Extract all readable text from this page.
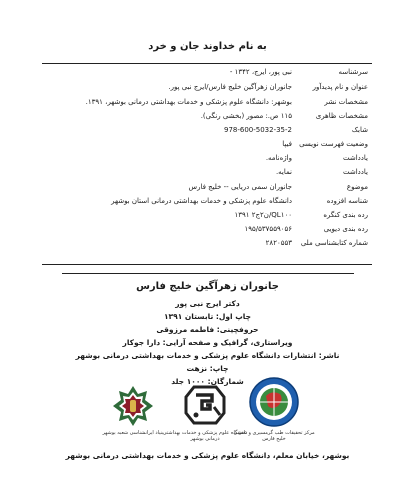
به نام خداوند جان و خرد
سرشناسه
نبی پور، ایرج، ۱۳۴۲ -
عنوان و نام پدیدآور
جانوران زهرآگین خلیج فارس/ایرج نبی پور.
مشخصات نشر
بوشهر: دانشگاه علوم پزشکی و خدمات بهداشتی درمانی بوشهر، ۱۳۹۱.
مشخصات ظاهری
۱۱۵ ص.: مصور (بخشی رنگی).
شابک
978-600-5032-35-2
وضعیت فهرست نویسی
فیپا
یادداشت
واژه‌نامه.
یادداشت
نمایه.
موضوع
جانوران سمی دریایی -- خلیج فارس
شناسه افزوده
دانشگاه علوم پزشکی و خدمات بهداشتی درمانی استان بوشهر
رده بندی کنگره
QL۱۰۰/ن۲ج۲ ۱۳۹۱
رده بندی دیویی
۱۹۵/۵۳۷۵۵۹۰۵۶
شماره کتابشناسی ملی
۲۸۲۰۵۵۳
جانوران زهرآگین خلیج فارس
دکتر ایرج نبی پور
چاپ اول: تابستان ۱۳۹۱
حروفچینی: فاطمه مرزوقی
ویراستاری، گرافیک و صفحه آرایی: دارا جوکار
ناشر: انتشارات دانشگاه علوم پزشکی و خدمات بهداشتی درمانی بوشهر
چاپ: نزهت
شمارگان: ۱۰۰۰ جلد
بنیاد ایرانشناسی شعبه بوشهر دانشگاه علوم پزشکی و خدمات بهداشتی درمانی بوشهر
مرکز تحقیقات طب گرمسیری و عفونی خلیج فارس
بوشهر، خیابان معلم، دانشگاه علوم پزشکی و خدمات بهداشتی درمانی بوشهر
